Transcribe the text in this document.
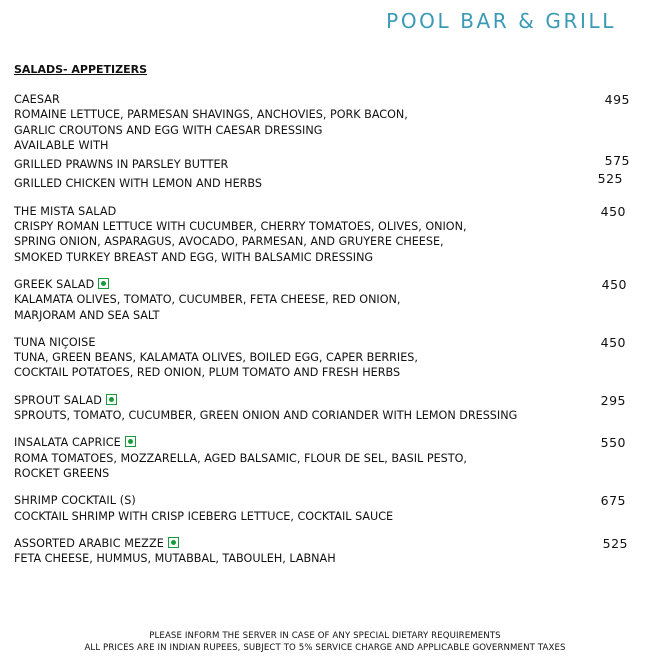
POOL BAR & GRILL
SALADS- APPETIZERS
495
CAESAR
ROMAINE LETTUCE, PARMESAN SHAVINGS, ANCHOVIES, PORK BACON,
GARLIC CROUTONS AND EGG WITH CAESAR DRESSING
AVAILABLE WITH
GRILLED PRAWNS IN PARSLEY BUTTER	575
GRILLED CHICKEN WITH LEMON AND HERBS	525
450
THE MISTA SALAD
CRISPY ROMAN LETTUCE WITH CUCUMBER, CHERRY TOMATOES, OLIVES, ONION,
SPRING ONION, ASPARAGUS, AVOCADO, PARMESAN, AND GRUYERE CHEESE,
SMOKED TURKEY BREAST AND EGG, WITH BALSAMIC DRESSING
450
GREEK SALAD
KALAMATA OLIVES, TOMATO, CUCUMBER, FETA CHEESE, RED ONION,
MARJORAM AND SEA SALT
450
TUNA NIÇOISE
TUNA, GREEN BEANS, KALAMATA OLIVES, BOILED EGG, CAPER BERRIES,
COCKTAIL POTATOES, RED ONION, PLUM TOMATO AND FRESH HERBS
295
SPROUT SALAD
SPROUTS, TOMATO, CUCUMBER, GREEN ONION AND CORIANDER WITH LEMON DRESSING
550
INSALATA CAPRICE
ROMA TOMATOES, MOZZARELLA, AGED BALSAMIC, FLOUR DE SEL, BASIL PESTO,
ROCKET GREENS
675
SHRIMP COCKTAIL (S)
COCKTAIL SHRIMP WITH CRISP ICEBERG LETTUCE, COCKTAIL SAUCE
525
ASSORTED ARABIC MEZZE
FETA CHEESE, HUMMUS, MUTABBAL, TABOULEH, LABNAH
PLEASE INFORM THE SERVER IN CASE OF ANY SPECIAL DIETARY REQUIREMENTS
ALL PRICES ARE IN INDIAN RUPEES, SUBJECT TO 5% SERVICE CHARGE AND APPLICABLE GOVERNMENT TAXES
